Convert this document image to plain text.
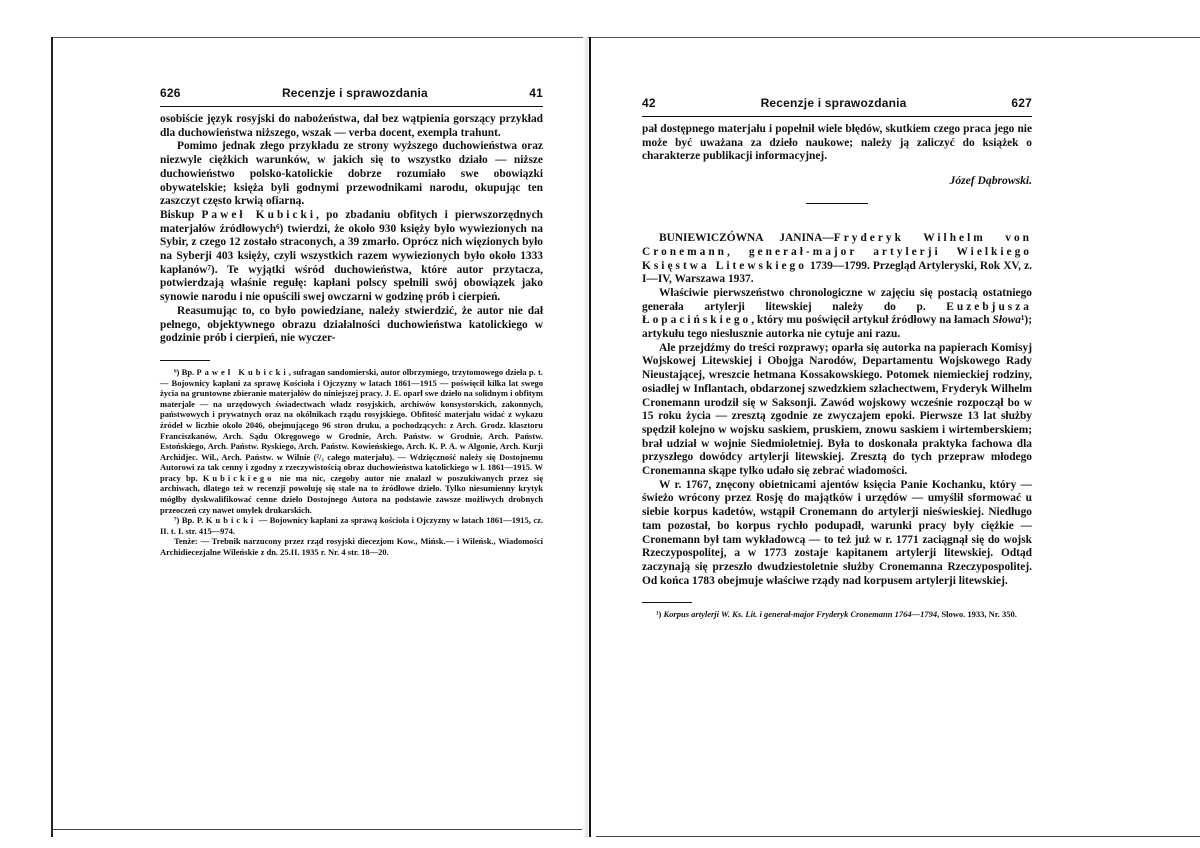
626	Recenzje i sprawozdania	41

osobiście język rosyjski do nabożeństwa, dał bez wątpienia gorszący przykład dla duchowieństwa niższego, wszak — verba docent, exempla trahunt.

Pomimo jednak złego przykładu ze strony wyższego duchowieństwa oraz niezwyle ciężkich warunków, w jakich się to wszystko działo — niższe duchowieństwo polsko-katolickie dobrze rozumiało swe obowiązki obywatelskie; księża byli godnymi przewodnikami narodu, okupując ten zaszczyt często krwią ofiarną.

Biskup Paweł Kubicki, po zbadaniu obfitych i pierwszorzędnych materjałów źródłowych⁶) twierdzi, że około 930 księży było wywiezionych na Sybir, z czego 12 zostało straconych, a 39 zmarło. Oprócz nich więzionych było na Syberji 403 księży, czyli wszystkich razem wywiezionych było około 1333 kapłanów⁷). Te wyjątki wśród duchowieństwa, które autor przytacza, potwierdzają właśnie regułę: kapłani polscy spełnili swój obowiązek jako synowie narodu i nie opuścili swej owczarni w godzinę prób i cierpień.

Reasumując to, co było powiedziane, należy stwierdzić, że autor nie dał pełnego, objektywnego obrazu działalności duchowieństwa katolickiego w godzinie prób i cierpień, nie wyczer-

⁶) Bp. Paweł Kubicki, sufragan sandomierski, autor olbrzymiego, trzytomowego dzieła p. t. — Bojownicy kapłani za sprawę Kościoła i Ojczyzny w latach 1861—1915 — poświęcił kilka lat swego życia na gruntowne zbieranie materjałów do niniejszej pracy. J. E. oparł swe dzieło na solidnym i obfitym materjale — na urzędowych świadectwach władz rosyjskich, archiwów konsystorskich, zakonnych, państwowych i prywatnych oraz na okólnikach rządu rosyjskiego. Obfitość materjału widać z wykazu źródeł w liczbie około 2046, obejmującego 96 stron druku, a pochodzących: z Arch. Grodz. klasztoru Franciszkanów, Arch. Sądu Okręgowego w Grodnie, Arch. Państw. w Grodnie, Arch. Państw. Estońskiego, Arch. Państw. Ryskiego, Arch. Państw. Kowieńskiego, Arch. K. P. A. w Algonie, Arch. Kurji Archidjec. Wil., Arch. Państw. w Wilnie (²/₃ całego materjału). — Wdzięczność należy się Dostojnemu Autorowi za tak cenny i zgodny z rzeczywistością obraz duchowieństwa katolickiego w l. 1861—1915. W pracy bp. Kubickiego nie ma nic, czegoby autor nie znalazł w poszukiwanych przez się archiwach, dlatego też w recenzji powołuję się stale na to źródłowe dzieło. Tylko niesumienny krytyk mógłby dyskwalifikować cenne dzieło Dostojnego Autora na podstawie zawsze możliwych drobnych przeoczeń czy nawet omyłek drukarskich.

⁷) Bp. P. Kubicki — Bojownicy kapłani za sprawą kościoła i Ojczyzny w latach 1861—1915, cz. II. t. I. str. 415—974.

Tenże: — Trebnik narzucony przez rząd rosyjski diecezjom Kow., Mińsk.— i Wileńsk., Wiadomości Archidiecezjalne Wileńskie z dn. 25.II. 1935 r. Nr. 4 str. 18—20.

42	Recenzje i sprawozdania	627

pał dostępnego materjału i popełnił wiele błędów, skutkiem czego praca jego nie może być uważana za dzieło naukowe; należy ją zaliczyć do książek o charakterze publikacji informacyjnej.

Józef Dąbrowski.

BUNIEWICZÓWNA JANINA—Fryderyk Wilhelm von Cronemann, generał-major artylerji Wielkiego Księstwa Litewskiego 1739—1799. Przegląd Artyleryski, Rok XV, z. I—IV, Warszawa 1937.

Właściwie pierwszeństwo chronologiczne w zajęciu się postacią ostatniego generała artylerji litewskiej należy do p. Euzebjusza Łopacińskiego, który mu poświęcił artykuł źródłowy na łamach Słowa¹); artykułu tego niesłusznie autorka nie cytuje ani razu.

Ale przejdźmy do treści rozprawy; oparła się autorka na papierach Komisyj Wojskowej Litewskiej i Obojga Narodów, Departamentu Wojskowego Rady Nieustającej, wreszcie hetmana Kossakowskiego. Potomek niemieckiej rodziny, osiadłej w Inflantach, obdarzonej szwedzkiem szlachectwem, Fryderyk Wilhelm Cronemann urodził się w Saksonji. Zawód wojskowy wcześnie rozpoczął bo w 15 roku życia — zresztą zgodnie ze zwyczajem epoki. Pierwsze 13 lat służby spędził kolejno w wojsku saskiem, pruskiem, znowu saskiem i wirtemberskiem; brał udział w wojnie Siedmioletniej. Była to doskonała praktyka fachowa dla przyszłego dowódcy artylerji litewskiej. Zresztą do tych przepraw młodego Cronemanna skąpe tylko udało się zebrać wiadomości.

W r. 1767, znęcony obietnicami ajentów księcia Panie Kochanku, który — świeżo wrócony przez Rosję do majątków i urzędów — umyślił sformować u siebie korpus kadetów, wstąpił Cronemann do artylerji nieświeskiej. Niedługo tam pozostał, bo korpus rychło podupadł, warunki pracy były ciężkie — Cronemann był tam wykładowcą — to też już w r. 1771 zaciągnął się do wojsk Rzeczypospolitej, a w 1773 zostaje kapitanem artylerji litewskiej. Odtąd zaczynają się przeszło dwudziestoletnie służby Cronemanna Rzeczypospolitej. Od końca 1783 obejmuje właściwe rządy nad korpusem artylerji litewskiej.

¹) Korpus artylerji W. Ks. Lit. i generał-major Fryderyk Cronemann 1764—1794, Słowo. 1933, Nr. 350.
